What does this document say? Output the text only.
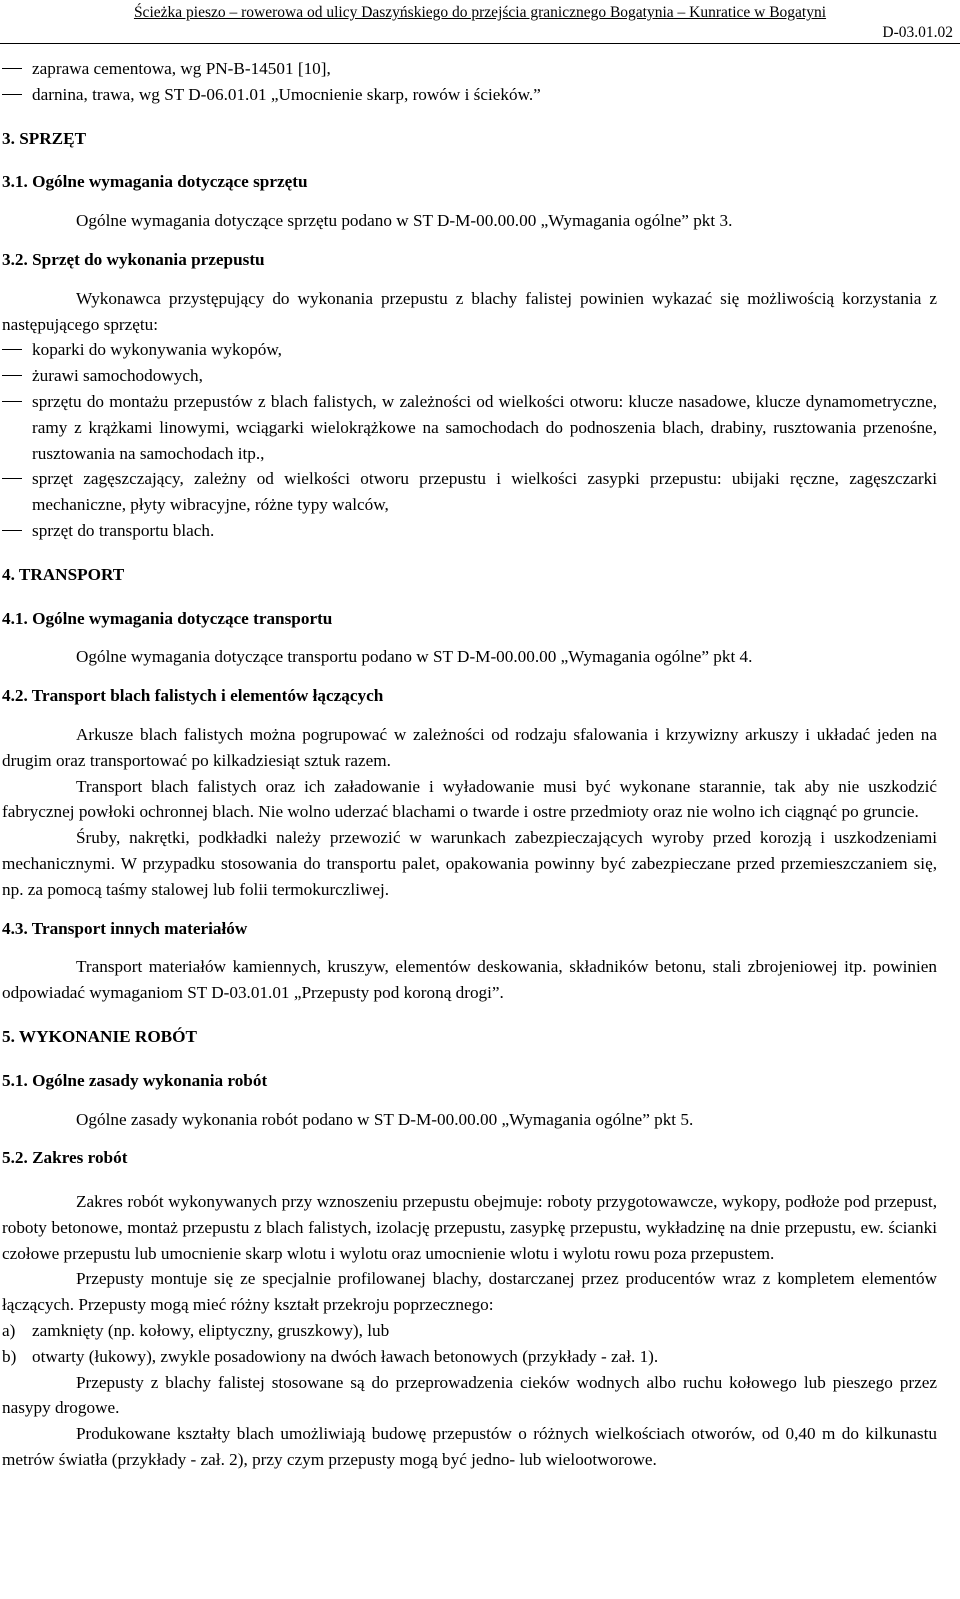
Ścieżka pieszo – rowerowa od ulicy Daszyńskiego do przejścia granicznego Bogatynia – Kunratice w Bogatyni
D-03.01.02
zaprawa cementowa, wg PN-B-14501 [10],
darnina, trawa, wg ST D-06.01.01 „Umocnienie skarp, rowów i ścieków.”

3. SPRZĘT

3.1. Ogólne wymagania dotyczące sprzętu

Ogólne wymagania dotyczące sprzętu podano w ST D-M-00.00.00 „Wymagania ogólne” pkt 3.

3.2. Sprzęt do wykonania przepustu

Wykonawca przystępujący do wykonania przepustu z blachy falistej powinien wykazać się możliwością korzystania z następującego sprzętu:

koparki do wykonywania wykopów,
żurawi samochodowych,
sprzętu do montażu przepustów z blach falistych, w zależności od wielkości otworu: klucze nasadowe, klucze dynamometryczne, ramy z krążkami linowymi, wciągarki wielokrążkowe na samochodach do podnoszenia blach, drabiny, rusztowania przenośne, rusztowania na samochodach itp.,
sprzęt zagęszczający, zależny od wielkości otworu przepustu i wielkości zasypki przepustu: ubijaki ręczne, zagęszczarki mechaniczne, płyty wibracyjne, różne typy walców,
sprzęt do transportu blach.

4. TRANSPORT

4.1. Ogólne wymagania dotyczące transportu

Ogólne wymagania dotyczące transportu podano w ST D-M-00.00.00 „Wymagania ogólne” pkt 4.

4.2. Transport blach falistych i elementów łączących

Arkusze blach falistych można pogrupować w zależności od rodzaju sfalowania i krzywizny arkuszy i układać jeden na drugim oraz transportować po kilkadziesiąt sztuk razem.

Transport blach falistych oraz ich załadowanie i wyładowanie musi być wykonane starannie, tak aby nie uszkodzić fabrycznej powłoki ochronnej blach. Nie wolno uderzać blachami o twarde i ostre przedmioty oraz nie wolno ich ciągnąć po gruncie.

Śruby, nakrętki, podkładki należy przewozić w warunkach zabezpieczających wyroby przed korozją i uszkodzeniami mechanicznymi. W przypadku stosowania do transportu palet, opakowania powinny być zabezpieczane przed przemieszczaniem się, np. za pomocą taśmy stalowej lub folii termokurczliwej.

4.3. Transport innych materiałów

Transport materiałów kamiennych, kruszyw, elementów deskowania, składników betonu, stali zbrojeniowej itp. powinien odpowiadać wymaganiom ST D-03.01.01 „Przepusty pod koroną drogi”.

5. WYKONANIE ROBÓT

5.1. Ogólne zasady wykonania robót

Ogólne zasady wykonania robót podano w ST D-M-00.00.00 „Wymagania ogólne” pkt 5.

5.2. Zakres robót

Zakres robót wykonywanych przy wznoszeniu przepustu obejmuje: roboty przygotowawcze, wykopy, podłoże pod przepust, roboty betonowe, montaż przepustu z blach falistych, izolację przepustu, zasypkę przepustu, wykładzinę na dnie przepustu, ew. ścianki czołowe przepustu lub umocnienie skarp wlotu i wylotu oraz umocnienie wlotu i wylotu rowu poza przepustem.

Przepusty montuje się ze specjalnie profilowanej blachy, dostarczanej przez producentów wraz z kompletem elementów łączących. Przepusty mogą mieć różny kształt przekroju poprzecznego:

a) zamknięty (np. kołowy, eliptyczny, gruszkowy), lub
b) otwarty (łukowy), zwykle posadowiony na dwóch ławach betonowych (przykłady - zał. 1).

Przepusty z blachy falistej stosowane są do przeprowadzenia cieków wodnych albo ruchu kołowego lub pieszego przez nasypy drogowe.

Produkowane kształty blach umożliwiają budowę przepustów o różnych wielkościach otworów, od 0,40 m do kilkunastu metrów światła (przykłady - zał. 2), przy czym przepusty mogą być jedno- lub wielootworowe.
